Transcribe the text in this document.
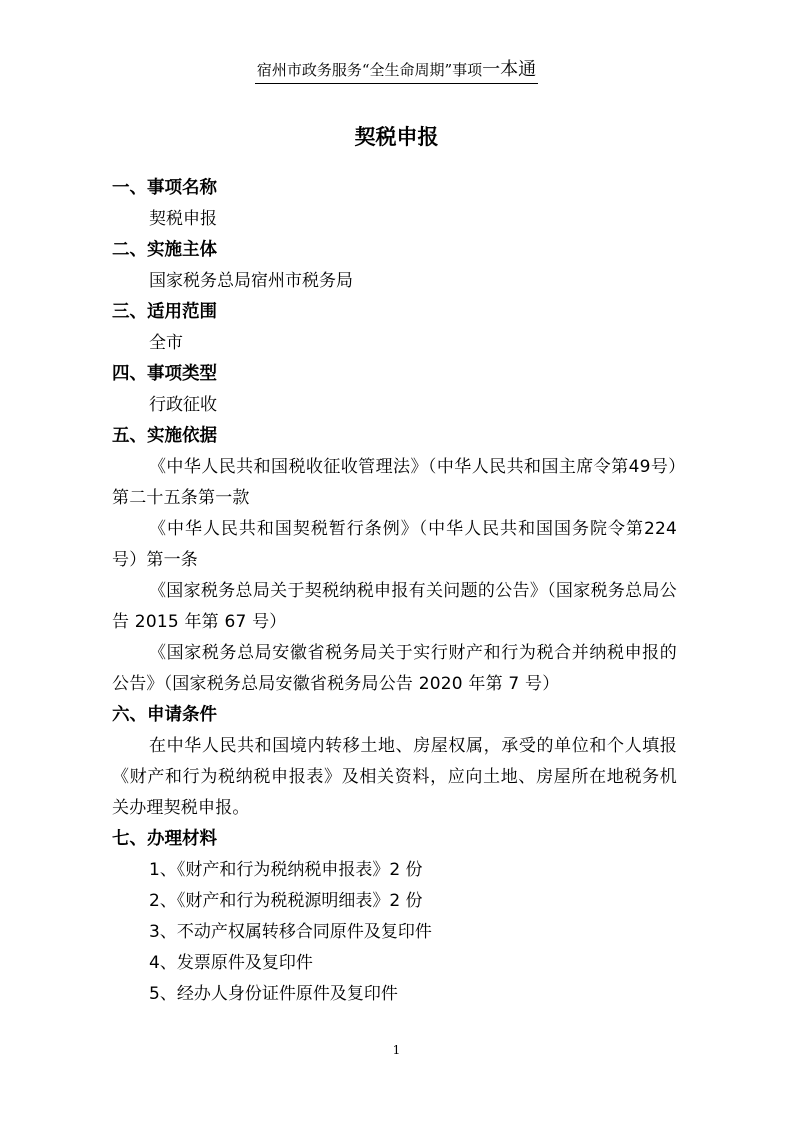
宿州市政务服务“全生命周期”事项一本通
契税申报

一、事项名称

契税申报

二、实施主体

国家税务总局宿州市税务局

三、适用范围

全市

四、事项类型

行政征收

五、实施依据

《中华人民共和国税收征收管理法》（中华人民共和国主席令第49号）第二十五条第一款

《中华人民共和国契税暂行条例》（中华人民共和国国务院令第224号）第一条

《国家税务总局关于契税纳税申报有关问题的公告》（国家税务总局公告 2015 年第 67 号）

《国家税务总局安徽省税务局关于实行财产和行为税合并纳税申报的公告》（国家税务总局安徽省税务局公告 2020 年第 7 号）

六、申请条件

在中华人民共和国境内转移土地、房屋权属，承受的单位和个人填报《财产和行为税纳税申报表》及相关资料，应向土地、房屋所在地税务机关办理契税申报。

七、办理材料

1、《财产和行为税纳税申报表》2 份

2、《财产和行为税税源明细表》2 份

3、不动产权属转移合同原件及复印件

4、发票原件及复印件

5、经办人身份证件原件及复印件

1
